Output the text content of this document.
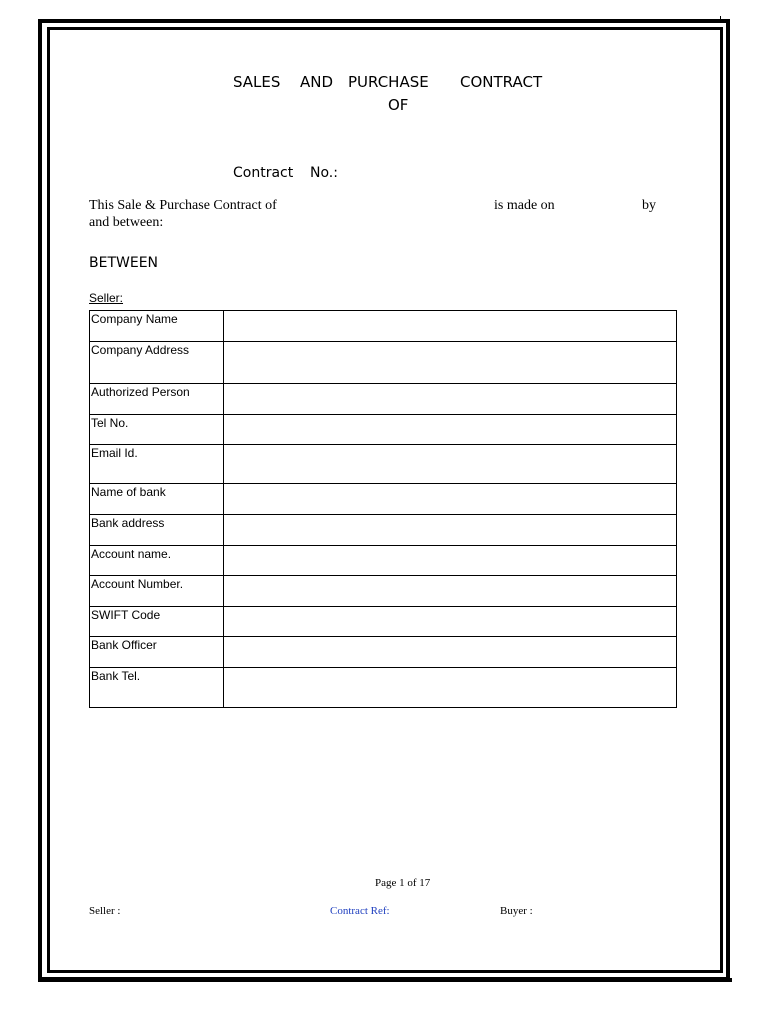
SALES AND PURCHASE CONTRACT
OF
Contract No.:
This Sale & Purchase Contract of	is made on	by
and between:
BETWEEN
Seller:
Company Name	
Company Address	
Authorized Person	
Tel No.	
Email Id.	
Name of bank	
Bank address	
Account name.	
Account Number.	
SWIFT Code	
Bank Officer	
Bank Tel.	
Page 1 of 17
Seller :	Contract Ref:	Buyer :
